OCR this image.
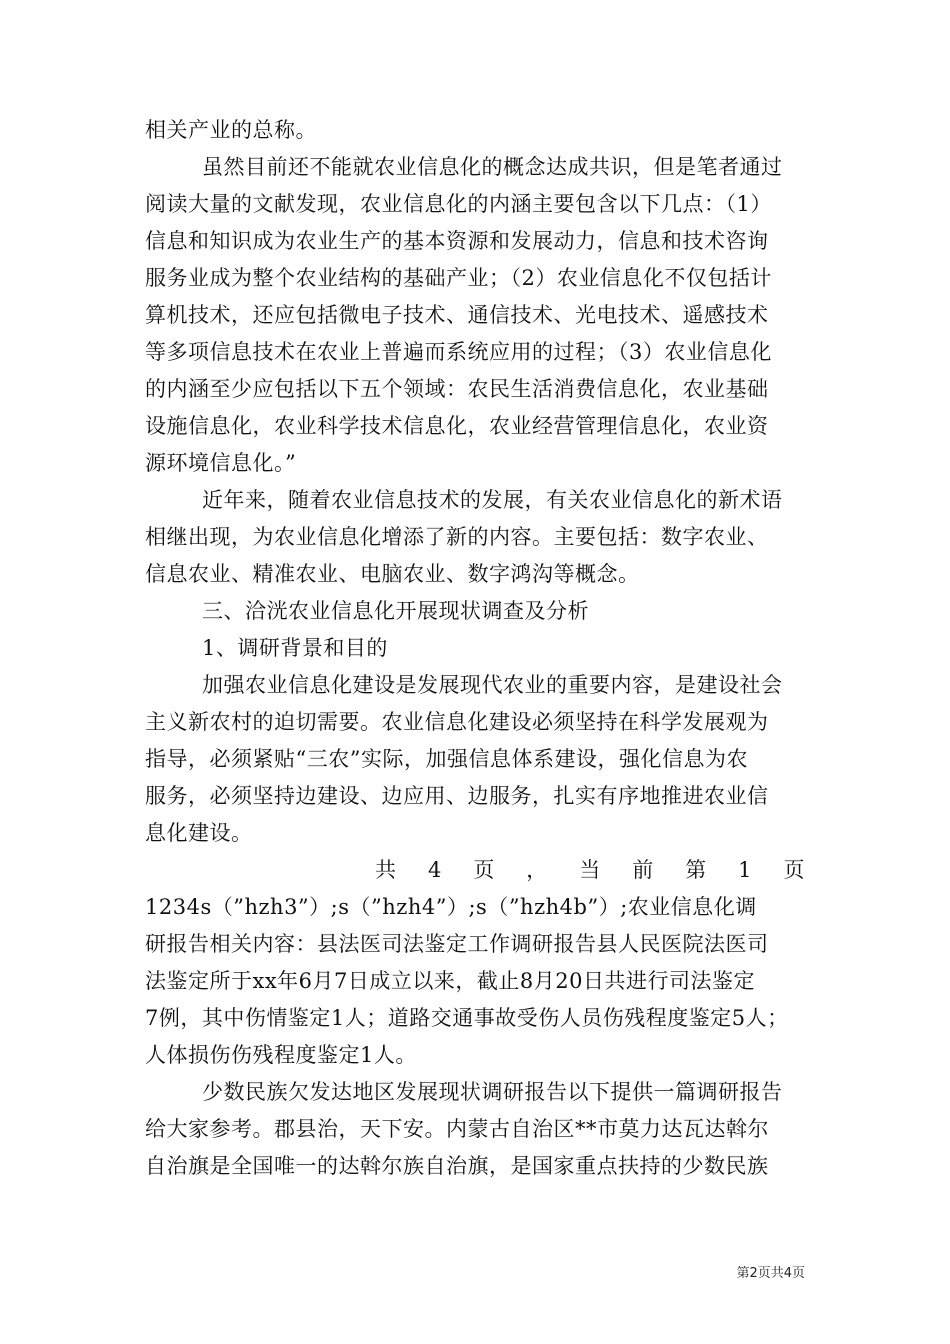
相关产业的总称。
虽然目前还不能就农业信息化的概念达成共识，但是笔者通过
阅读大量的文献发现，农业信息化的内涵主要包含以下几点：（1）
信息和知识成为农业生产的基本资源和发展动力，信息和技术咨询
服务业成为整个农业结构的基础产业；（2）农业信息化不仅包括计
算机技术，还应包括微电子技术、通信技术、光电技术、遥感技术
等多项信息技术在农业上普遍而系统应用的过程；（3）农业信息化
的内涵至少应包括以下五个领域：农民生活消费信息化，农业基础
设施信息化，农业科学技术信息化，农业经营管理信息化，农业资
源环境信息化。”
近年来，随着农业信息技术的发展，有关农业信息化的新术语
相继出现，为农业信息化增添了新的内容。主要包括：数字农业、
信息农业、精准农业、电脑农业、数字鸿沟等概念。
三、洽洸农业信息化开展现状调查及分析
1、调研背景和目的
加强农业信息化建设是发展现代农业的重要内容，是建设社会
主义新农村的迫切需要。农业信息化建设必须坚持在科学发展观为
指导，必须紧贴“三农”实际，加强信息体系建设，强化信息为农
服务，必须坚持边建设、边应用、边服务，扎实有序地推进农业信
息化建设。
共 4 页 ， 当 前 第 1 页
1234s（”hzh3”）;s（”hzh4”）;s（”hzh4b”）;农业信息化调
研报告相关内容：县法医司法鉴定工作调研报告县人民医院法医司
法鉴定所于xx年6月7日成立以来，截止8月20日共进行司法鉴定
7例，其中伤情鉴定1人；道路交通事故受伤人员伤残程度鉴定5人；
人体损伤伤残程度鉴定1人。
少数民族欠发达地区发展现状调研报告以下提供一篇调研报告
给大家参考。郡县治，天下安。内蒙古自治区**市莫力达瓦达斡尔
自治旗是全国唯一的达斡尔族自治旗，是国家重点扶持的少数民族
第2页共4页
